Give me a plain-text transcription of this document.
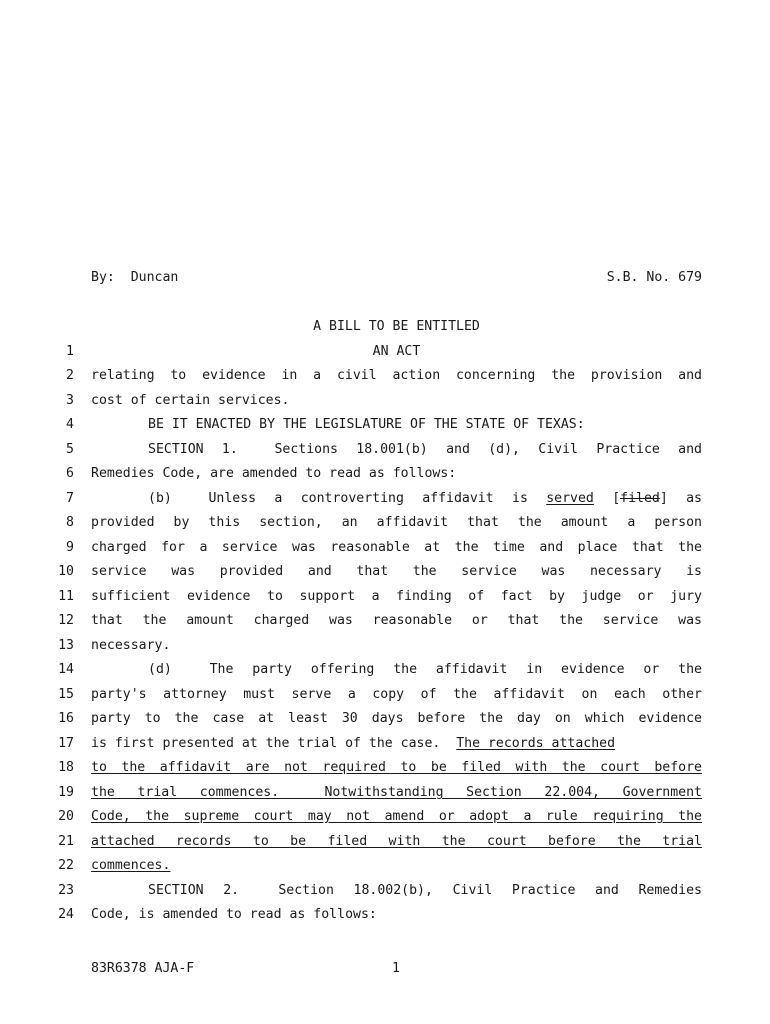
By: Duncan	S.B. No. 679
A BILL TO BE ENTITLED
1
2
3
4
5
6
7
8
9
10
11
12
13
14
15
16
17
18
19
20
21
22
23
24
AN ACT
relating to evidence in a civil action concerning the provision and
cost of certain services.
BE IT ENACTED BY THE LEGISLATURE OF THE STATE OF TEXAS:
SECTION 1.  Sections 18.001(b) and (d), Civil Practice and
Remedies Code, are amended to read as follows:
(b)  Unless a controverting affidavit is served [filed] as
provided by this section, an affidavit that the amount a person
charged for a service was reasonable at the time and place that the
service was provided and that the service was necessary is
sufficient evidence to support a finding of fact by judge or jury
that the amount charged was reasonable or that the service was
necessary.
(d)  The party offering the affidavit in evidence or the
party's attorney must serve a copy of the affidavit on each other
party to the case at least 30 days before the day on which evidence
is first presented at the trial of the case.  The records attached
to the affidavit are not required to be filed with the court before
the trial commences.  Notwithstanding Section 22.004, Government
Code, the supreme court may not amend or adopt a rule requiring the
attached records to be filed with the court before the trial
commences.
SECTION 2.  Section 18.002(b), Civil Practice and Remedies
Code, is amended to read as follows:
83R6378 AJA-F	1
